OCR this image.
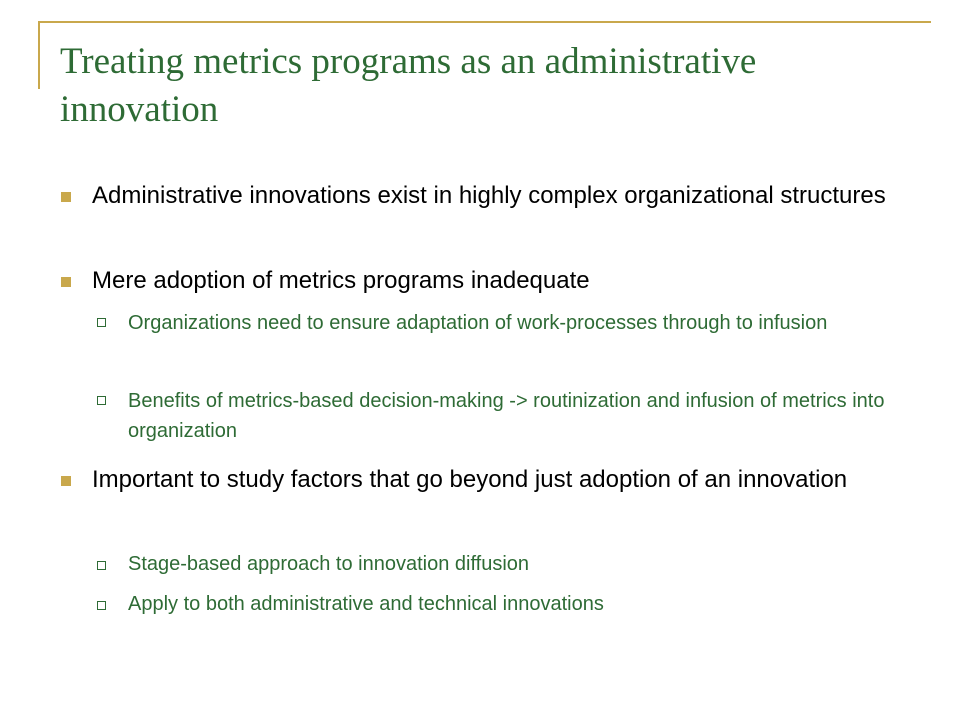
Treating metrics programs as an administrative innovation
Administrative innovations exist in highly complex organizational structures
Mere adoption of metrics programs inadequate
Organizations need to ensure adaptation of work-processes through to infusion
Benefits of metrics-based decision-making -> routinization and infusion of metrics into organization
Important to study factors that go beyond just adoption of an innovation
Stage-based approach to innovation diffusion
Apply to both administrative and technical innovations
